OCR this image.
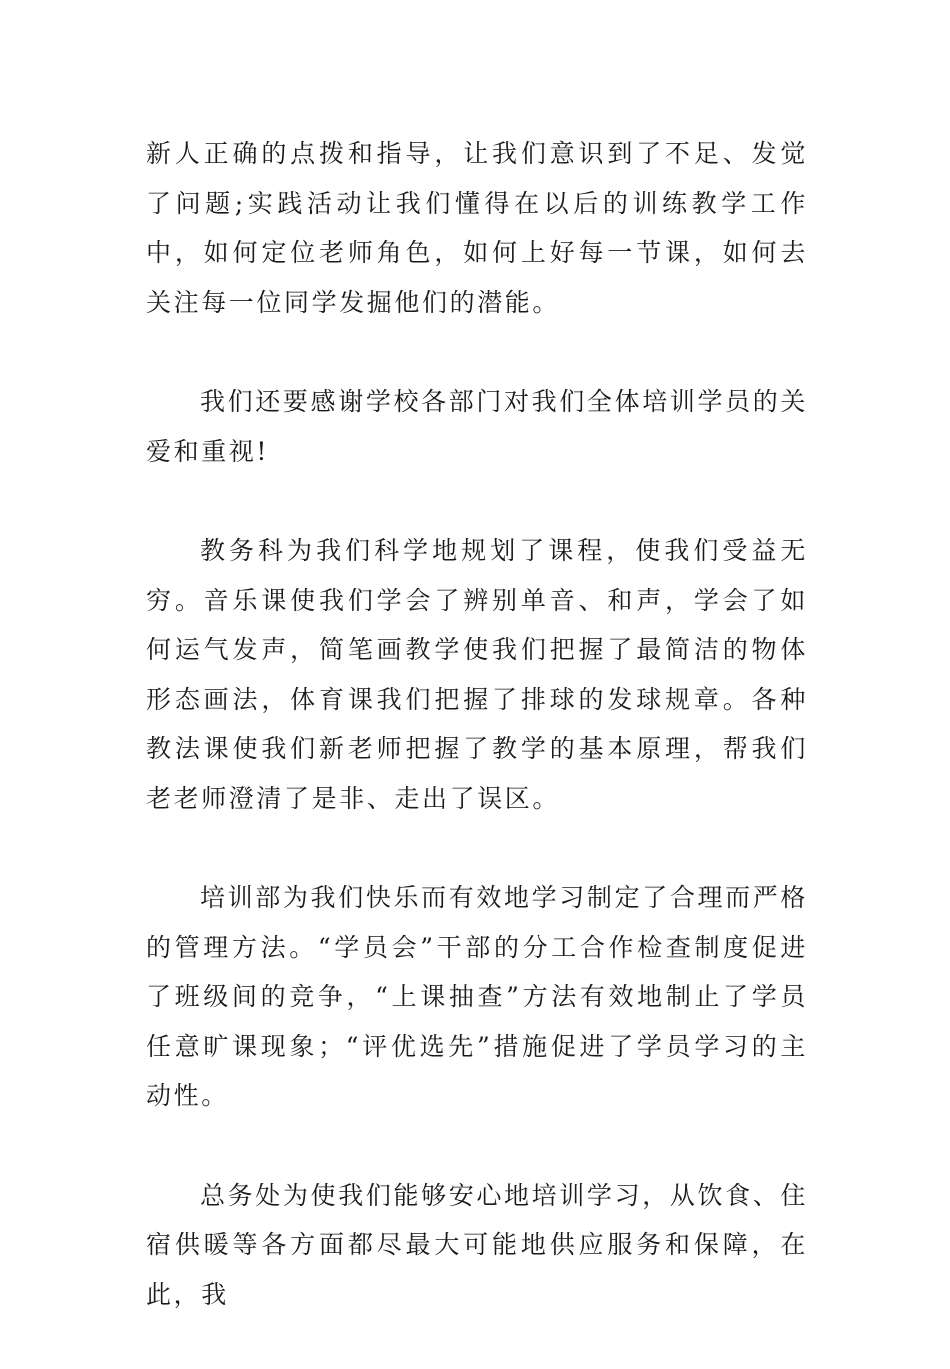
新人正确的点拨和指导，让我们意识到了不足、发觉了问题;实践活动让我们懂得在以后的训练教学工作中，如何定位老师角色，如何上好每一节课，如何去关注每一位同学发掘他们的潜能。

我们还要感谢学校各部门对我们全体培训学员的关爱和重视!

教务科为我们科学地规划了课程，使我们受益无穷。音乐课使我们学会了辨别单音、和声，学会了如何运气发声，简笔画教学使我们把握了最简洁的物体形态画法，体育课我们把握了排球的发球规章。各种教法课使我们新老师把握了教学的基本原理，帮我们老老师澄清了是非、走出了误区。

培训部为我们快乐而有效地学习制定了合理而严格的管理方法。“学员会”干部的分工合作检查制度促进了班级间的竞争，“上课抽查”方法有效地制止了学员任意旷课现象；“评优选先”措施促进了学员学习的主动性。

总务处为使我们能够安心地培训学习，从饮食、住宿供暖等各方面都尽最大可能地供应服务和保障，在此，我
